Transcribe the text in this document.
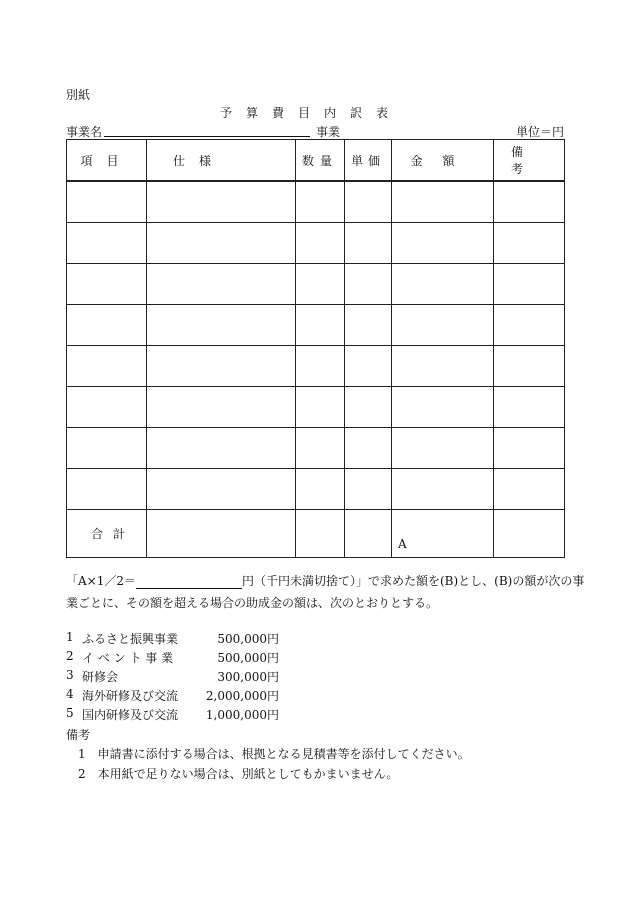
別紙
予算費目内訳表
事業名	事業	単位＝円
項目	仕様	数量	単価	金額	備考

合計				A	
「A×1／2＝	円（千円未満切捨て）」で求めた額を(B)とし、(B)の額が次の事
業ごとに、その額を超える場合の助成金の額は、次のとおりとする。
1 ふるさと振興事業	500,000円
2 イ ベ ン ト 事 業	500,000円
3 研修会	300,000円
4 海外研修及び交流	2,000,000円
5 国内研修及び交流	1,000,000円
備考
1 申請書に添付する場合は、根拠となる見積書等を添付してください。
2 本用紙で足りない場合は、別紙としてもかまいません。
